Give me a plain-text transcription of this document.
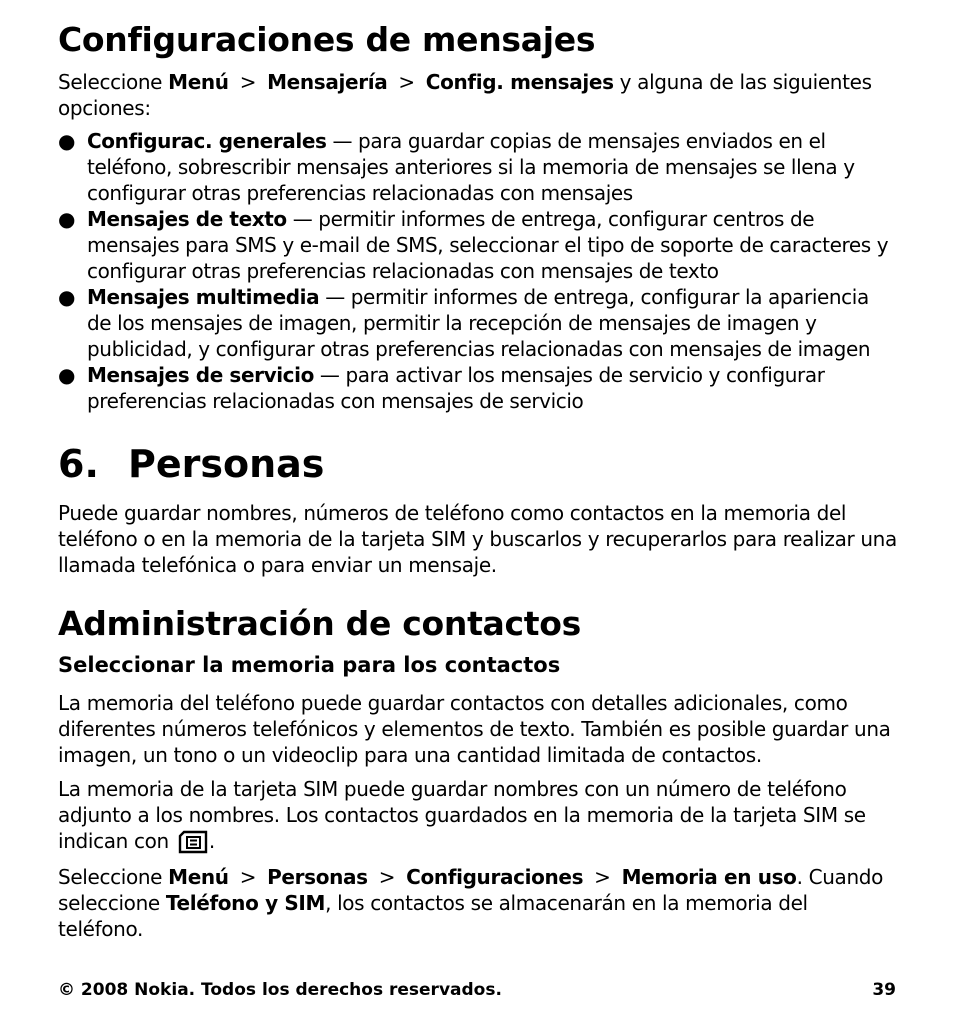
Configuraciones de mensajes

Seleccione Menú > Mensajería > Config. mensajes y alguna de las siguientes opciones:

● Configurac. generales — para guardar copias de mensajes enviados en el teléfono, sobrescribir mensajes anteriores si la memoria de mensajes se llena y configurar otras preferencias relacionadas con mensajes
● Mensajes de texto — permitir informes de entrega, configurar centros de mensajes para SMS y e-mail de SMS, seleccionar el tipo de soporte de caracteres y configurar otras preferencias relacionadas con mensajes de texto
● Mensajes multimedia — permitir informes de entrega, configurar la apariencia de los mensajes de imagen, permitir la recepción de mensajes de imagen y publicidad, y configurar otras preferencias relacionadas con mensajes de imagen
● Mensajes de servicio — para activar los mensajes de servicio y configurar preferencias relacionadas con mensajes de servicio
6. Personas

Puede guardar nombres, números de teléfono como contactos en la memoria del teléfono o en la memoria de la tarjeta SIM y buscarlos y recuperarlos para realizar una llamada telefónica o para enviar un mensaje.

Administración de contactos
Seleccionar la memoria para los contactos

La memoria del teléfono puede guardar contactos con detalles adicionales, como diferentes números telefónicos y elementos de texto. También es posible guardar una imagen, un tono o un videoclip para una cantidad limitada de contactos.

La memoria de la tarjeta SIM puede guardar nombres con un número de teléfono adjunto a los nombres. Los contactos guardados en la memoria de la tarjeta SIM se indican con .

Seleccione Menú > Personas > Configuraciones > Memoria en uso. Cuando seleccione Teléfono y SIM, los contactos se almacenarán en la memoria del teléfono.

© 2008 Nokia. Todos los derechos reservados.	39
